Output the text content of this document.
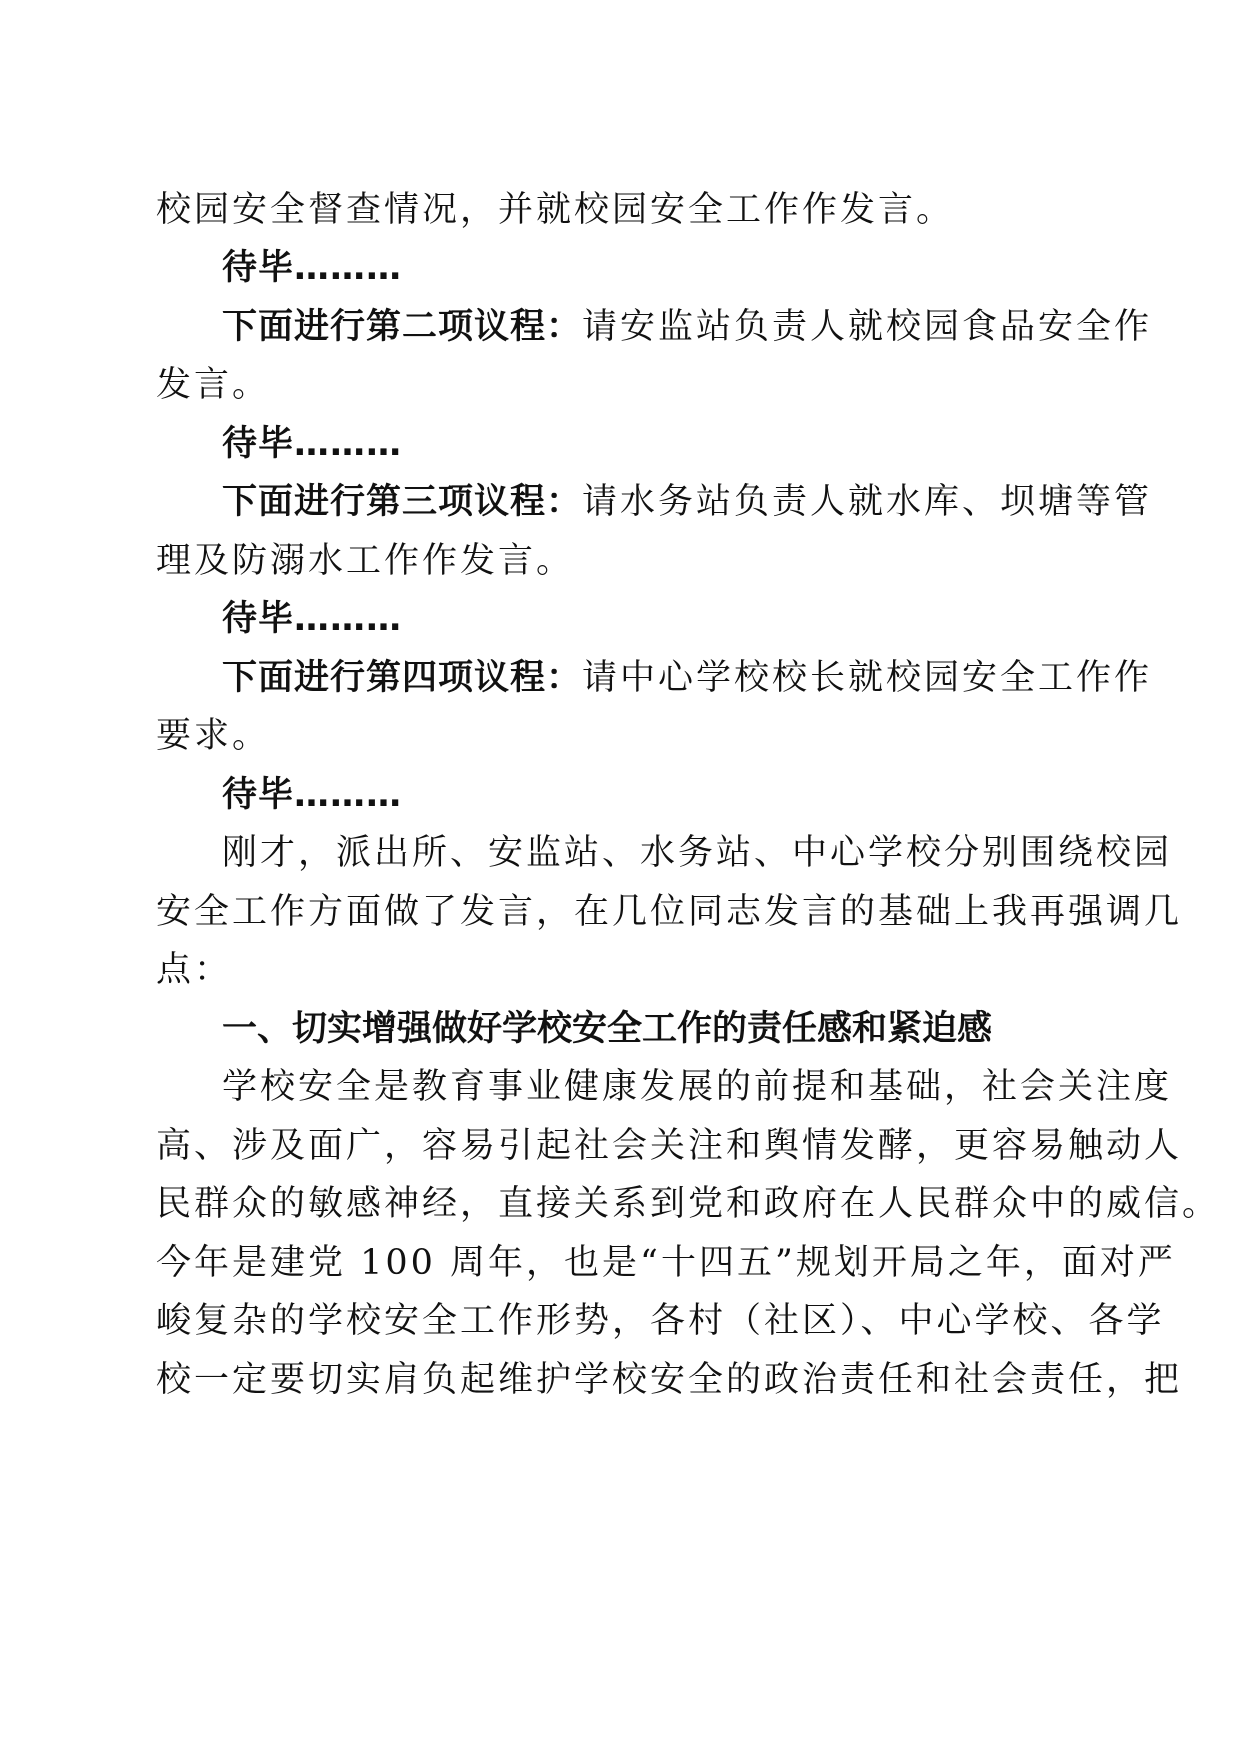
校园安全督查情况，并就校园安全工作作发言。
待毕………
下面进行第二项议程：请安监站负责人就校园食品安全作
发言。
待毕………
下面进行第三项议程：请水务站负责人就水库、坝塘等管
理及防溺水工作作发言。
待毕………
下面进行第四项议程：请中心学校校长就校园安全工作作
要求。
待毕………
刚才，派出所、安监站、水务站、中心学校分别围绕校园
安全工作方面做了发言，在几位同志发言的基础上我再强调几
点：
一、切实增强做好学校安全工作的责任感和紧迫感
学校安全是教育事业健康发展的前提和基础，社会关注度
高、涉及面广，容易引起社会关注和舆情发酵，更容易触动人
民群众的敏感神经，直接关系到党和政府在人民群众中的威信。
今年是建党 100 周年，也是“十四五”规划开局之年，面对严
峻复杂的学校安全工作形势，各村（社区）、中心学校、各学
校一定要切实肩负起维护学校安全的政治责任和社会责任，把
